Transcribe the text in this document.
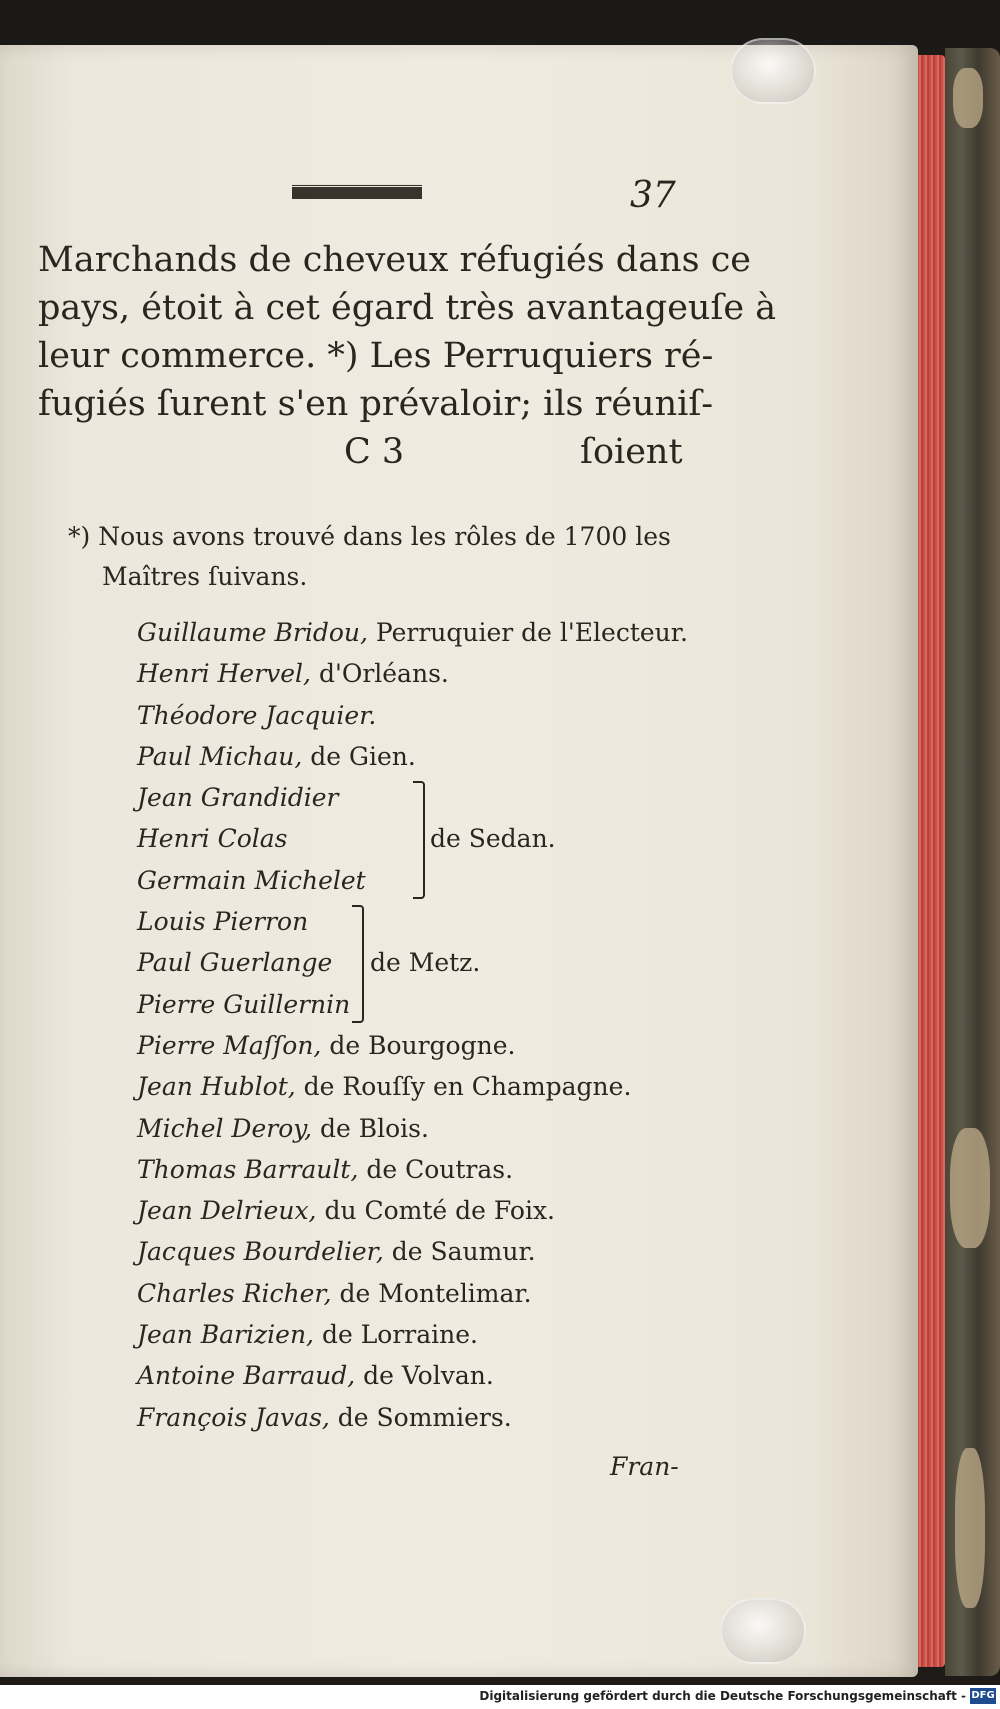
37
Marchands de cheveux réfugiés dans ce
pays, étoit à cet égard très avantageuſe à
leur commerce. *) Les Perruquiers ré-
fugiés ſurent s'en prévaloir; ils réuniſ-
C 3	ſoient
*) Nous avons trouvé dans les rôles de 1700 les
Maîtres ſuivans.
Guillaume Bridou, Perruquier de l'Electeur.
Henri Hervel, d'Orléans.
Théodore Jacquier.
Paul Michau, de Gien.
Jean Grandidier
Henri Colas
Germain Michelet
de Sedan.
Louis Pierron
Paul Guerlange
Pierre Guillernin
de Metz.
Pierre Maſſon, de Bourgogne.
Jean Hublot, de Rouſſy en Champagne.
Michel Deroy, de Blois.
Thomas Barrault, de Coutras.
Jean Delrieux, du Comté de Foix.
Jacques Bourdelier, de Saumur.
Charles Richer, de Montelimar.
Jean Barizien, de Lorraine.
Antoine Barraud, de Volvan.
François Javas, de Sommiers.
Fran-
Digitalisierung gefördert durch die Deutsche Forschungsgemeinschaft - DFG
